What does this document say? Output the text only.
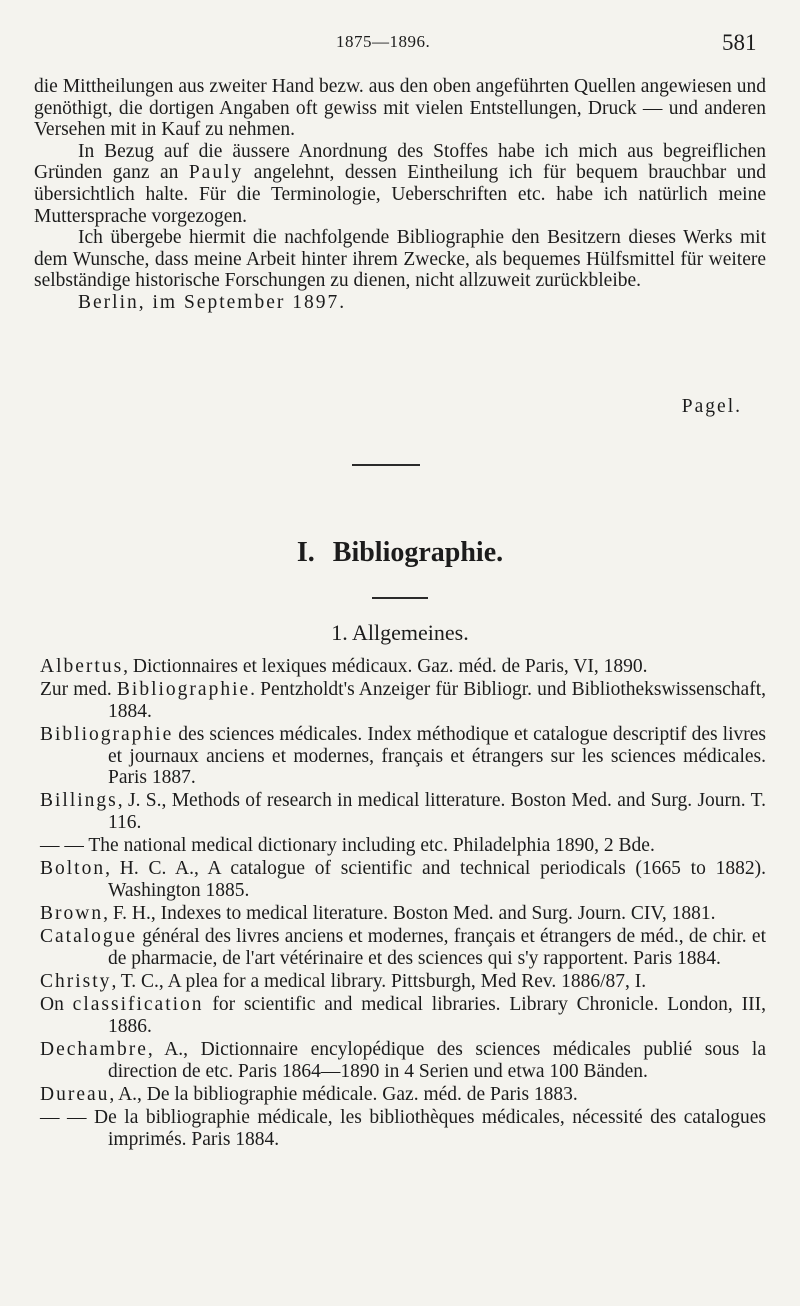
1875—1896.	581

die Mittheilungen aus zweiter Hand bezw. aus den oben angeführten Quellen angewiesen und genöthigt, die dortigen Angaben oft gewiss mit vielen Entstellungen, Druck — und anderen Versehen mit in Kauf zu nehmen.

In Bezug auf die äussere Anordnung des Stoffes habe ich mich aus begreiflichen Gründen ganz an Pauly angelehnt, dessen Eintheilung ich für bequem brauchbar und übersichtlich halte. Für die Terminologie, Ueberschriften etc. habe ich natürlich meine Muttersprache vorgezogen.

Ich übergebe hiermit die nachfolgende Bibliographie den Besitzern dieses Werks mit dem Wunsche, dass meine Arbeit hinter ihrem Zwecke, als bequemes Hülfsmittel für weitere selbständige historische Forschungen zu dienen, nicht allzuweit zurückbleibe.

Berlin, im September 1897.

Pagel.
I. Bibliographie.
1. Allgemeines.

Albertus, Dictionnaires et lexiques médicaux. Gaz. méd. de Paris, VI, 1890.

Zur med. Bibliographie. Pentzholdt's Anzeiger für Bibliogr. und Bibliothekswissenschaft, 1884.

Bibliographie des sciences médicales. Index méthodique et catalogue descriptif des livres et journaux anciens et modernes, français et étrangers sur les sciences médicales. Paris 1887.

Billings, J. S., Methods of research in medical litterature. Boston Med. and Surg. Journ. T. 116.

— — The national medical dictionary including etc. Philadelphia 1890, 2 Bde.

Bolton, H. C. A., A catalogue of scientific and technical periodicals (1665 to 1882). Washington 1885.

Brown, F. H., Indexes to medical literature. Boston Med. and Surg. Journ. CIV, 1881.

Catalogue général des livres anciens et modernes, français et étrangers de méd., de chir. et de pharmacie, de l'art vétérinaire et des sciences qui s'y rapportent. Paris 1884.

Christy, T. C., A plea for a medical library. Pittsburgh, Med Rev. 1886/87, I.

On classification for scientific and medical libraries. Library Chronicle. London, III, 1886.

Dechambre, A., Dictionnaire encylopédique des sciences médicales publié sous la direction de etc. Paris 1864—1890 in 4 Serien und etwa 100 Bänden.

Dureau, A., De la bibliographie médicale. Gaz. méd. de Paris 1883.

— — De la bibliographie médicale, les bibliothèques médicales, nécessité des catalogues imprimés. Paris 1884.
